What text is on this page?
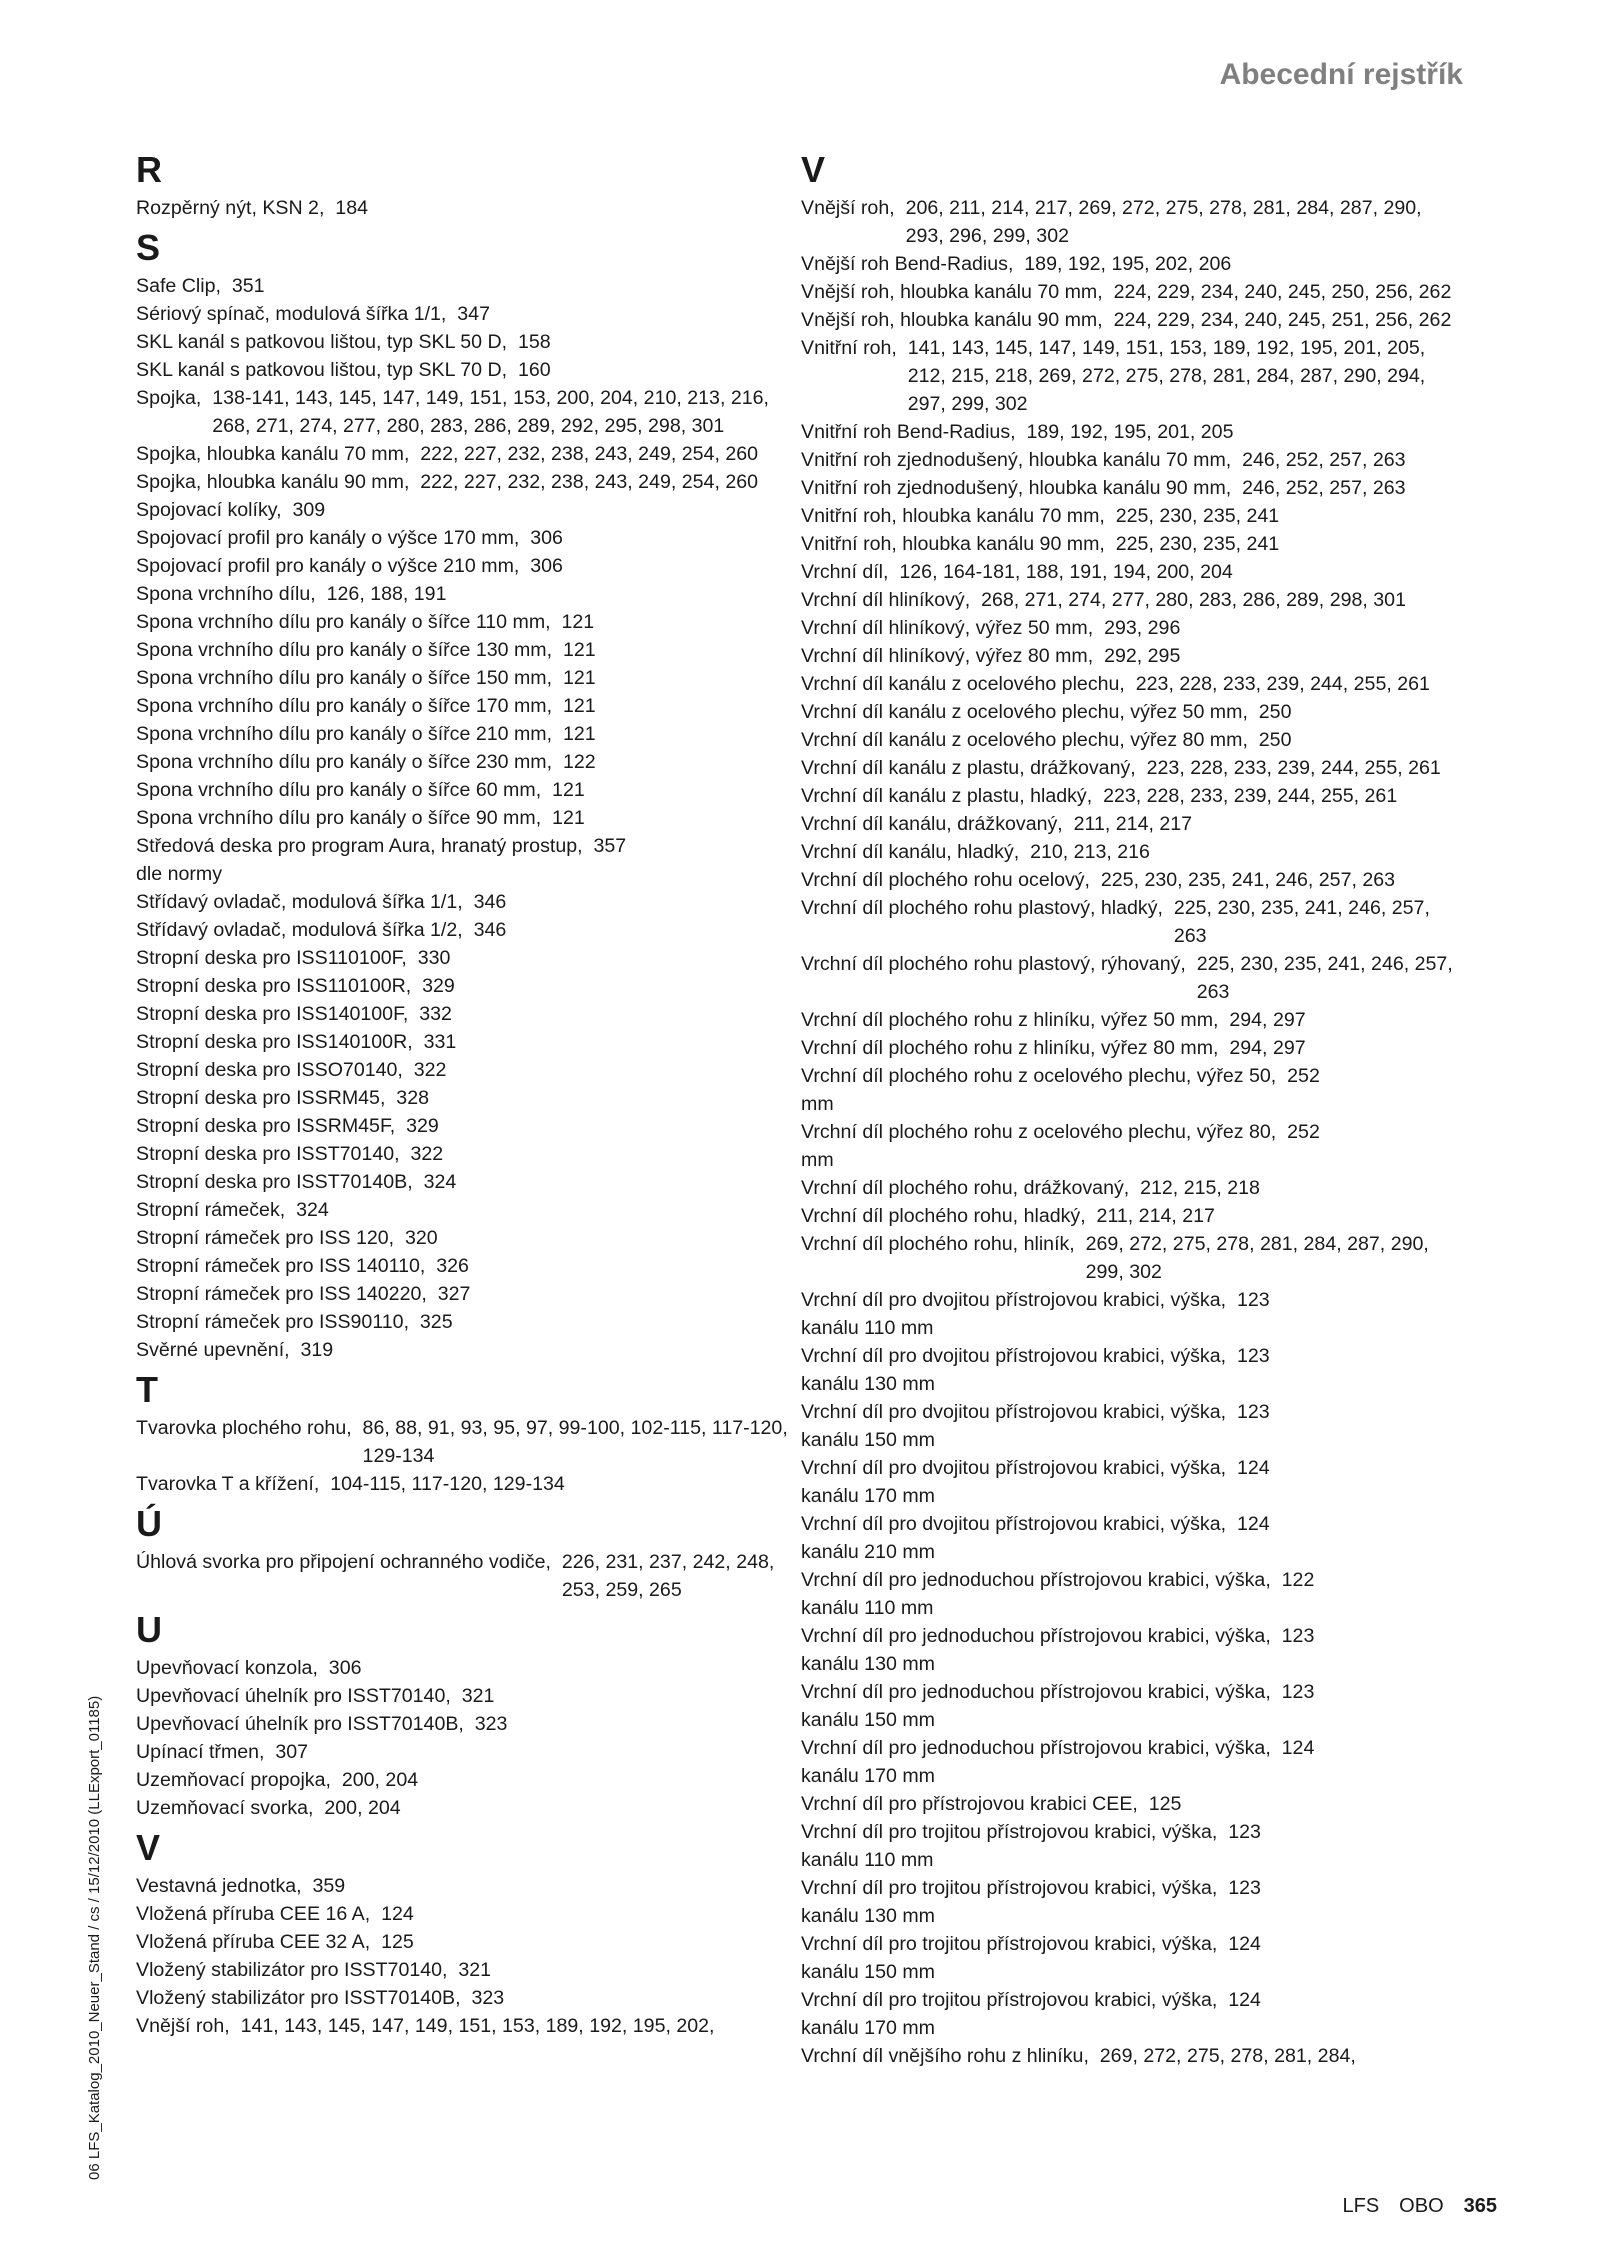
Abecední rejstřík
R
Rozpěrný nýt, KSN 2,
184
S
Safe Clip,
351
Sériový spínač, modulová šířka 1/1,
347
SKL kanál s patkovou lištou, typ SKL 50 D,
158
SKL kanál s patkovou lištou, typ SKL 70 D,
160
Spojka,
138-141, 143, 145, 147, 149, 151, 153, 200, 204, 210, 213, 216, 268, 271, 274, 277, 280, 283, 286, 289, 292, 295, 298, 301
Spojka, hloubka kanálu 70 mm,
222, 227, 232, 238, 243, 249, 254, 260
Spojka, hloubka kanálu 90 mm,
222, 227, 232, 238, 243, 249, 254, 260
Spojovací kolíky,
309
Spojovací profil pro kanály o výšce 170 mm,
306
Spojovací profil pro kanály o výšce 210 mm,
306
Spona vrchního dílu,
126, 188, 191
Spona vrchního dílu pro kanály o šířce 110 mm,
121
Spona vrchního dílu pro kanály o šířce 130 mm,
121
Spona vrchního dílu pro kanály o šířce 150 mm,
121
Spona vrchního dílu pro kanály o šířce 170 mm,
121
Spona vrchního dílu pro kanály o šířce 210 mm,
121
Spona vrchního dílu pro kanály o šířce 230 mm,
122
Spona vrchního dílu pro kanály o šířce 60 mm,
121
Spona vrchního dílu pro kanály o šířce 90 mm,
121
Středová deska pro program Aura, hranatý prostup,
357
dle normy
Střídavý ovladač, modulová šířka 1/1,
346
Střídavý ovladač, modulová šířka 1/2,
346
Stropní deska pro ISS110100F,
330
Stropní deska pro ISS110100R,
329
Stropní deska pro ISS140100F,
332
Stropní deska pro ISS140100R,
331
Stropní deska pro ISSO70140,
322
Stropní deska pro ISSRM45,
328
Stropní deska pro ISSRM45F,
329
Stropní deska pro ISST70140,
322
Stropní deska pro ISST70140B,
324
Stropní rámeček,
324
Stropní rámeček pro ISS 120,
320
Stropní rámeček pro ISS 140110,
326
Stropní rámeček pro ISS 140220,
327
Stropní rámeček pro ISS90110,
325
Svěrné upevnění,
319
T
Tvarovka plochého rohu,
86, 88, 91, 93, 95, 97, 99-100, 102-115, 117-120, 129-134
Tvarovka T a křížení,
104-115, 117-120, 129-134
Ú
Úhlová svorka pro připojení ochranného vodiče,
226, 231, 237, 242, 248, 253, 259, 265
U
Upevňovací konzola,
306
Upevňovací úhelník pro ISST70140,
321
Upevňovací úhelník pro ISST70140B,
323
Upínací třmen,
307
Uzemňovací propojka,
200, 204
Uzemňovací svorka,
200, 204
V
Vestavná jednotka,
359
Vložená příruba CEE 16 A,
124
Vložená příruba CEE 32 A,
125
Vložený stabilizátor pro ISST70140,
321
Vložený stabilizátor pro ISST70140B,
323
Vnější roh,
141, 143, 145, 147, 149, 151, 153, 189, 192, 195, 202,
V
Vnější roh,
206, 211, 214, 217, 269, 272, 275, 278, 281, 284, 287, 290, 293, 296, 299, 302
Vnější roh Bend-Radius,
189, 192, 195, 202, 206
Vnější roh, hloubka kanálu 70 mm,
224, 229, 234, 240, 245, 250, 256, 262
Vnější roh, hloubka kanálu 90 mm,
224, 229, 234, 240, 245, 251, 256, 262
Vnitřní roh,
141, 143, 145, 147, 149, 151, 153, 189, 192, 195, 201, 205, 212, 215, 218, 269, 272, 275, 278, 281, 284, 287, 290, 294, 297, 299, 302
Vnitřní roh Bend-Radius,
189, 192, 195, 201, 205
Vnitřní roh zjednodušený, hloubka kanálu 70 mm,
246, 252, 257, 263
Vnitřní roh zjednodušený, hloubka kanálu 90 mm,
246, 252, 257, 263
Vnitřní roh, hloubka kanálu 70 mm,
225, 230, 235, 241
Vnitřní roh, hloubka kanálu 90 mm,
225, 230, 235, 241
Vrchní díl,
126, 164-181, 188, 191, 194, 200, 204
Vrchní díl hliníkový,
268, 271, 274, 277, 280, 283, 286, 289, 298, 301
Vrchní díl hliníkový, výřez 50 mm,
293, 296
Vrchní díl hliníkový, výřez 80 mm,
292, 295
Vrchní díl kanálu z ocelového plechu,
223, 228, 233, 239, 244, 255, 261
Vrchní díl kanálu z ocelového plechu, výřez 50 mm,
250
Vrchní díl kanálu z ocelového plechu, výřez 80 mm,
250
Vrchní díl kanálu z plastu, drážkovaný,
223, 228, 233, 239, 244, 255, 261
Vrchní díl kanálu z plastu, hladký,
223, 228, 233, 239, 244, 255, 261
Vrchní díl kanálu, drážkovaný,
211, 214, 217
Vrchní díl kanálu, hladký,
210, 213, 216
Vrchní díl plochého rohu ocelový,
225, 230, 235, 241, 246, 257, 263
Vrchní díl plochého rohu plastový, hladký,
225, 230, 235, 241, 246, 257, 263
Vrchní díl plochého rohu plastový, rýhovaný,
225, 230, 235, 241, 246, 257, 263
Vrchní díl plochého rohu z hliníku, výřez 50 mm,
294, 297
Vrchní díl plochého rohu z hliníku, výřez 80 mm,
294, 297
Vrchní díl plochého rohu z ocelového plechu, výřez 50,
252
mm
Vrchní díl plochého rohu z ocelového plechu, výřez 80,
252
mm
Vrchní díl plochého rohu, drážkovaný,
212, 215, 218
Vrchní díl plochého rohu, hladký,
211, 214, 217
Vrchní díl plochého rohu, hliník,
269, 272, 275, 278, 281, 284, 287, 290, 299, 302
Vrchní díl pro dvojitou přístrojovou krabici, výška,
123
kanálu 110 mm
Vrchní díl pro dvojitou přístrojovou krabici, výška,
123
kanálu 130 mm
Vrchní díl pro dvojitou přístrojovou krabici, výška,
123
kanálu 150 mm
Vrchní díl pro dvojitou přístrojovou krabici, výška,
124
kanálu 170 mm
Vrchní díl pro dvojitou přístrojovou krabici, výška,
124
kanálu 210 mm
Vrchní díl pro jednoduchou přístrojovou krabici, výška,
122
kanálu 110 mm
Vrchní díl pro jednoduchou přístrojovou krabici, výška,
123
kanálu 130 mm
Vrchní díl pro jednoduchou přístrojovou krabici, výška,
123
kanálu 150 mm
Vrchní díl pro jednoduchou přístrojovou krabici, výška,
124
kanálu 170 mm
Vrchní díl pro přístrojovou krabici CEE,
125
Vrchní díl pro trojitou přístrojovou krabici, výška,
123
kanálu 110 mm
Vrchní díl pro trojitou přístrojovou krabici, výška,
123
kanálu 130 mm
Vrchní díl pro trojitou přístrojovou krabici, výška,
124
kanálu 150 mm
Vrchní díl pro trojitou přístrojovou krabici, výška,
124
kanálu 170 mm
Vrchní díl vnějšího rohu z hliníku,
269, 272, 275, 278, 281, 284,
06 LFS_Katalog_2010_Neuer_Stand / cs / 15/12/2010 (LLExport_01185)
LFS OBO 365
